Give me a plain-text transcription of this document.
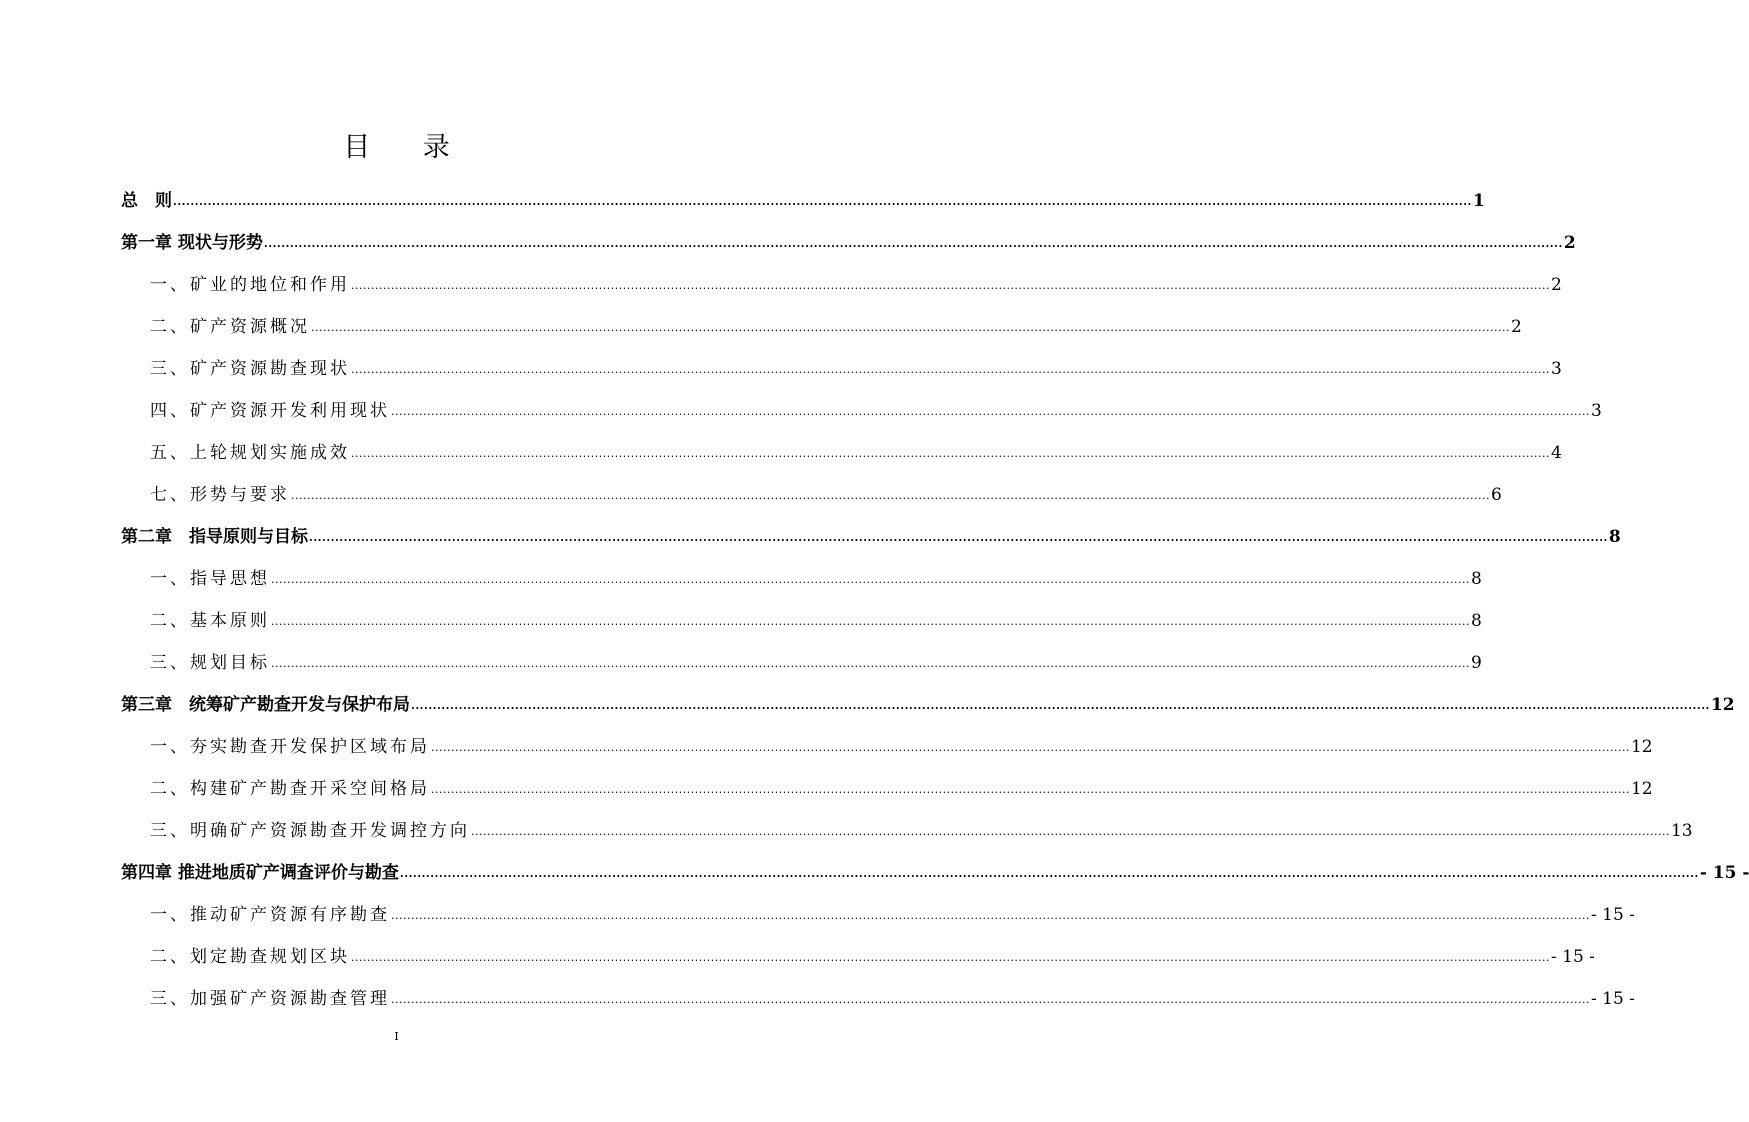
目 录
总　则 ............................................................................................................................................................................................................................................................................................................ 1
第一章 现状与形势 ............................................................................................................................................................................................................................................................................................................ 2
一、矿业的地位和作用 ............................................................................................................................................................................................................................................................................................................ 2
二、矿产资源概况 ............................................................................................................................................................................................................................................................................................................ 2
三、矿产资源勘查现状 ............................................................................................................................................................................................................................................................................................................ 3
四、矿产资源开发利用现状 ............................................................................................................................................................................................................................................................................................................ 3
五、上轮规划实施成效 ............................................................................................................................................................................................................................................................................................................ 4
七、形势与要求 ............................................................................................................................................................................................................................................................................................................ 6
第二章　指导原则与目标 ............................................................................................................................................................................................................................................................................................................ 8
一、指导思想 ............................................................................................................................................................................................................................................................................................................ 8
二、基本原则 ............................................................................................................................................................................................................................................................................................................ 8
三、规划目标 ............................................................................................................................................................................................................................................................................................................ 9
第三章　统筹矿产勘查开发与保护布局 ............................................................................................................................................................................................................................................................................................................ 12
一、夯实勘查开发保护区域布局 ............................................................................................................................................................................................................................................................................................................ 12
二、构建矿产勘查开采空间格局 ............................................................................................................................................................................................................................................................................................................ 12
三、明确矿产资源勘查开发调控方向 ............................................................................................................................................................................................................................................................................................................ 13
第四章 推进地质矿产调查评价与勘查 ............................................................................................................................................................................................................................................................................................................ - 15 -
一、推动矿产资源有序勘查 ............................................................................................................................................................................................................................................................................................................ - 15 -
二、划定勘查规划区块 ............................................................................................................................................................................................................................................................................................................ - 15 -
三、加强矿产资源勘查管理 ............................................................................................................................................................................................................................................................................................................ - 15 -
I
